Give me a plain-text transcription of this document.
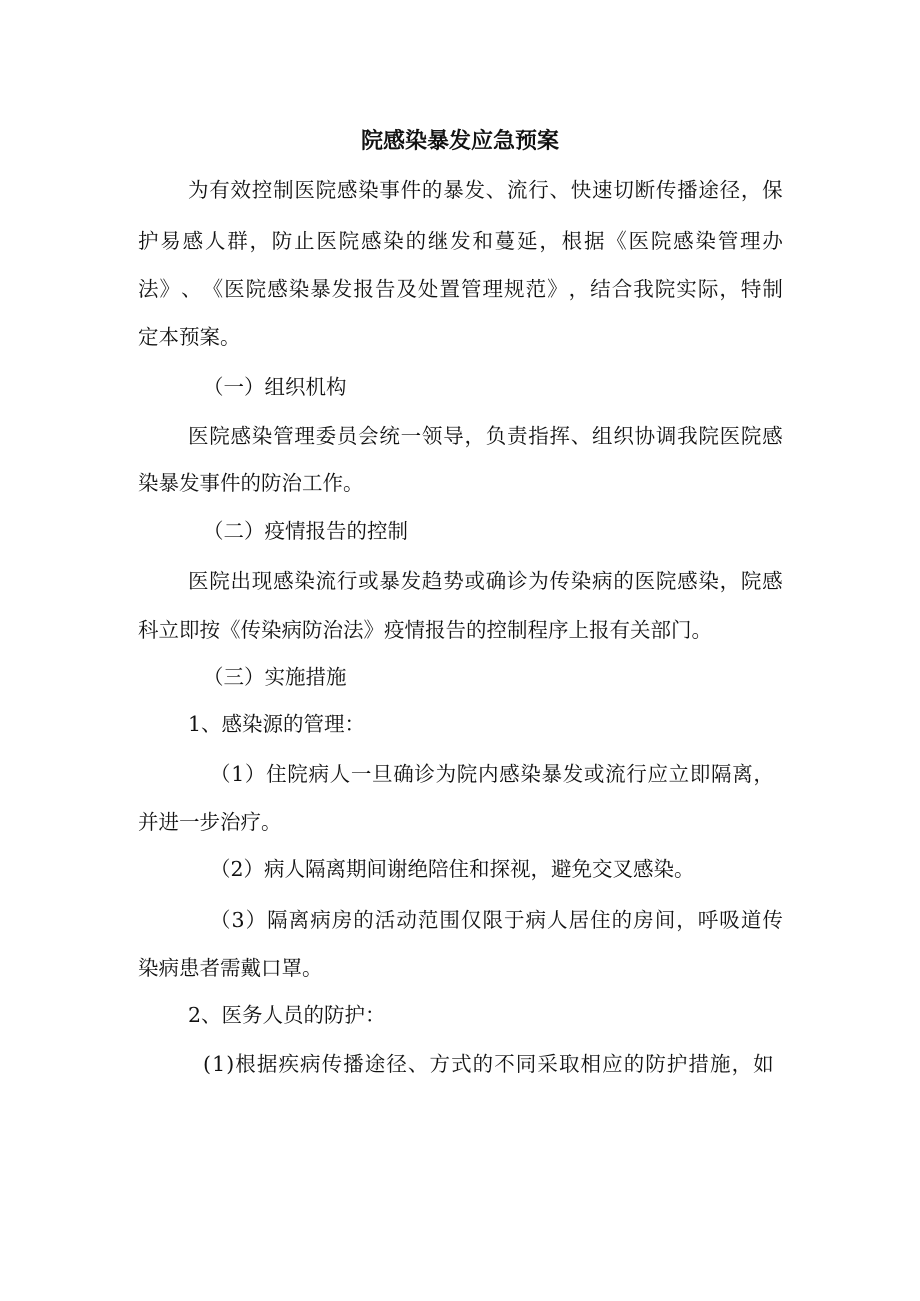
院感染暴发应急预案
为 有 效 控 制 医 院 感 染 事 件 的 暴 发 、 流 行 、 快 速 切 断 传 播 途 径 ， 保
护 易 感 人 群 ， 防 止 医 院 感 染 的 继 发 和 蔓 延 ， 根 据 《 医 院 感 染 管 理 办
法 》 、 《 医 院 感 染 暴 发 报 告 及 处 置 管 理 规 范 》 ， 结 合 我 院 实 际 ， 特 制
定本预案。
（一）组织机构
医 院 感 染 管 理 委 员 会 统 一 领 导 ， 负 责 指 挥 、 组 织 协 调 我 院 医 院 感
染暴发事件的防治工作。
（二）疫情报告的控制
医 院 出 现 感 染 流 行 或 暴 发 趋 势 或 确 诊 为 传 染 病 的 医 院 感 染 ， 院 感
科立即按《传染病防治法》疫情报告的控制程序上报有关部门。
（三）实施措施
1、感染源的管理：
（ 1 ） 住 院 病 人 一 旦 确 诊 为 院 内 感 染 暴 发 或 流 行 应 立 即 隔 离 ，
并进一步治疗。
（2）病人隔离期间谢绝陪住和探视，避免交叉感染。
（ 3 ） 隔 离 病 房 的 活 动 范 围 仅 限 于 病 人 居 住 的 房 间 ， 呼 吸 道 传
染病患者需戴口罩。
2、医务人员的防护：
( 1 ) 根 据 疾 病 传 播 途 径 、 方 式 的 不 同 采 取 相 应 的 防 护 措 施 ， 如
